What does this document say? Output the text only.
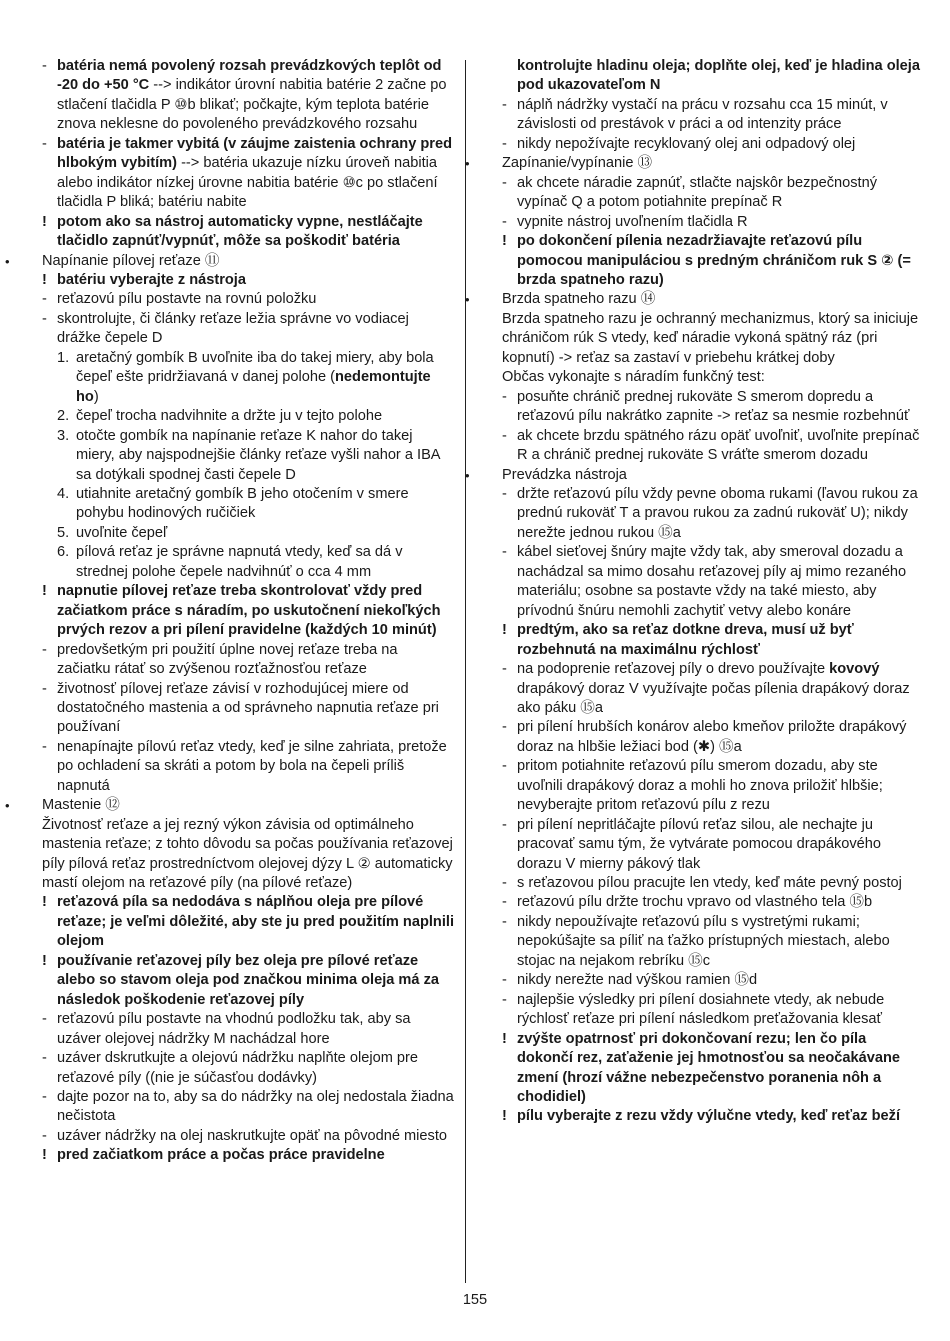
- batéria nemá povolený rozsah prevádzkových teplôt od -20 do +50 °C --> indikátor úrovní nabitia batérie 2 začne po stlačení tlačidla P ⑩b blikať; počkajte, kým teplota batérie znova neklesne do povoleného prevádzkového rozsahu
- batéria je takmer vybitá (v záujme zaistenia ochrany pred hlbokým vybitím) --> batéria ukazuje nízku úroveň nabitia alebo indikátor nízkej úrovne nabitia batérie ⑩c po stlačení tlačidla P bliká; batériu nabite
! potom ako sa nástroj automaticky vypne, nestláčajte tlačidlo zapnúť/vypnúť, môže sa poškodiť batéria
• Napínanie pílovej reťaze ⑪
! batériu vyberajte z nástroja
- reťazovú pílu postavte na rovnú položku
- skontrolujte, či články reťaze ležia správne vo vodiacej drážke čepele D
1. aretačný gombík B uvoľnite iba do takej miery, aby bola čepeľ ešte pridržiavaná v danej polohe (nedemontujte ho)
2. čepeľ trocha nadvihnite a držte ju v tejto polohe
3. otočte gombík na napínanie reťaze K nahor do takej miery, aby najspodnejšie články reťaze vyšli nahor a IBA sa dotýkali spodnej časti čepele D
4. utiahnite aretačný gombík B jeho otočením v smere pohybu hodinových ručičiek
5. uvoľnite čepeľ
6. pílová reťaz je správne napnutá vtedy, keď sa dá v strednej polohe čepele nadvihnúť o cca 4 mm
! napnutie pílovej reťaze treba skontrolovať vždy pred začiatkom práce s náradím, po uskutočnení niekoľkých prvých rezov a pri pílení pravidelne (každých 10 minút)
- predovšetkým pri použití úplne novej reťaze treba na začiatku rátať so zvýšenou rozťažnosťou reťaze
- životnosť pílovej reťaze závisí v rozhodujúcej miere od dostatočného mastenia a od správneho napnutia reťaze pri používaní
- nenapínajte pílovú reťaz vtedy, keď je silne zahriata, pretože po ochladení sa skráti a potom by bola na čepeli príliš napnutá
• Mastenie ⑫
Životnosť reťaze a jej rezný výkon závisia od optimálneho mastenia reťaze; z tohto dôvodu sa počas používania reťazovej píly pílová reťaz prostredníctvom olejovej dýzy L ② automaticky mastí olejom na reťazové píly (na pílové reťaze)
! reťazová píla sa nedodáva s náplňou oleja pre pílové reťaze; je veľmi dôležité, aby ste ju pred použitím naplnili olejom
! používanie reťazovej píly bez oleja pre pílové reťaze alebo so stavom oleja pod značkou minima oleja má za následok poškodenie reťazovej píly
- reťazovú pílu postavte na vhodnú podložku tak, aby sa uzáver olejovej nádržky M nachádzal hore
- uzáver dskrutkujte a olejovú nádržku naplňte olejom pre reťazové píly ((nie je súčasťou dodávky)
- dajte pozor na to, aby sa do nádržky na olej nedostala žiadna nečistota
- uzáver nádržky na olej naskrutkujte opäť na pôvodné miesto
! pred začiatkom práce a počas práce pravidelne
kontrolujte hladinu oleja; doplňte olej, keď je hladina oleja pod ukazovateľom N
- náplň nádržky vystačí na prácu v rozsahu cca 15 minút, v závislosti od prestávok v práci a od intenzity práce
- nikdy nepožívajte recyklovaný olej ani odpadový olej
• Zapínanie/vypínanie ⑬
- ak chcete náradie zapnúť, stlačte najskôr bezpečnostný vypínač Q a potom potiahnite prepínač R
- vypnite nástroj uvoľnením tlačidla R
! po dokončení pílenia nezadržiavajte reťazovú pílu pomocou manipuláciou s predným chráničom ruk S ② (= brzda spatneho razu)
• Brzda spatneho razu ⑭
Brzda spatneho razu je ochranný mechanizmus, ktorý sa iniciuje chráničom rúk S vtedy, keď náradie vykoná spätný ráz (pri kopnutí) -> reťaz sa zastaví v priebehu krátkej doby
Občas vykonajte s náradím funkčný test:
- posuňte chránič prednej rukoväte S smerom dopredu a reťazovú pílu nakrátko zapnite -> reťaz sa nesmie rozbehnúť
- ak chcete brzdu spätného rázu opäť uvoľniť, uvoľnite prepínač R a chránič prednej rukoväte S vráťte smerom dozadu
• Prevádzka nástroja
- držte reťazovú pílu vždy pevne oboma rukami (ľavou rukou za prednú rukoväť T a pravou rukou za zadnú rukoväť U); nikdy nerežte jednou rukou ⑮a
- kábel sieťovej šnúry majte vždy tak, aby smeroval dozadu a nachádzal sa mimo dosahu reťazovej píly aj mimo rezaného materiálu; osobne sa postavte vždy na také miesto, aby prívodnú šnúru nemohli zachytiť vetvy alebo konáre
! predtým, ako sa reťaz dotkne dreva, musí už byť rozbehnutá na maximálnu rýchlosť
- na podoprenie reťazovej píly o drevo používajte kovový drapákový doraz V využívajte počas pílenia drapákový doraz ako páku ⑮a
- pri pílení hrubších konárov alebo kmeňov priložte drapákový doraz na hlbšie ležiaci bod (✱) ⑮a
- pritom potiahnite reťazovú pílu smerom dozadu, aby ste uvoľnili drapákový doraz a mohli ho znova priložiť hlbšie; nevyberajte pritom reťazovú pílu z rezu
- pri pílení nepritláčajte pílovú reťaz silou, ale nechajte ju pracovať samu tým, že vytvárate pomocou drapákového dorazu V mierny pákový tlak
- s reťazovou pílou pracujte len vtedy, keď máte pevný postoj
- reťazovú pílu držte trochu vpravo od vlastného tela ⑮b
- nikdy nepoužívajte reťazovú pílu s vystretými rukami; nepokúšajte sa píliť na ťažko prístupných miestach, alebo stojac na nejakom rebríku ⑮c
- nikdy nerežte nad výškou ramien ⑮d
- najlepšie výsledky pri pílení dosiahnete vtedy, ak nebude rýchlosť reťaze pri pílení následkom preťažovania klesať
! zvýšte opatrnosť pri dokončovaní rezu; len čo píla dokončí rez, zaťaženie jej hmotnosťou sa neočakávane zmení (hrozí vážne nebezpečenstvo poranenia nôh a chodidiel)
! pílu vyberajte z rezu vždy výlučne vtedy, keď reťaz beží
155
